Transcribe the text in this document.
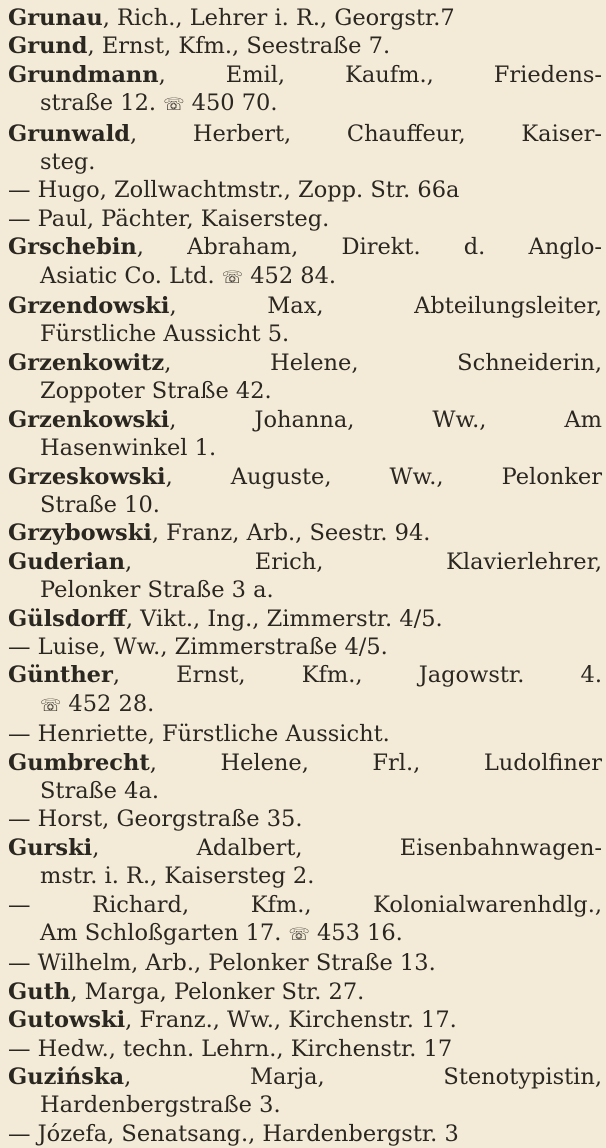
Grunau, Rich., Lehrer i. R., Georgstr.7
Grund, Ernst, Kfm., Seestraße 7.
Grundmann, Emil, Kaufm., Friedens-
straße 12. ☏ 450 70.
Grunwald, Herbert, Chauffeur, Kaiser-
steg.
— Hugo, Zollwachtmstr., Zopp. Str. 66a
— Paul, Pächter, Kaisersteg.
Grschebin, Abraham, Direkt. d. Anglo-
Asiatic Co. Ltd. ☏ 452 84.
Grzendowski, Max, Abteilungsleiter,
Fürstliche Aussicht 5.
Grzenkowitz, Helene, Schneiderin,
Zoppoter Straße 42.
Grzenkowski, Johanna, Ww., Am
Hasenwinkel 1.
Grzeskowski, Auguste, Ww., Pelonker
Straße 10.
Grzybowski, Franz, Arb., Seestr. 94.
Guderian, Erich, Klavierlehrer,
Pelonker Straße 3 a.
Gülsdorff, Vikt., Ing., Zimmerstr. 4/5.
— Luise, Ww., Zimmerstraße 4/5.
Günther, Ernst, Kfm., Jagowstr. 4.
☏ 452 28.
— Henriette, Fürstliche Aussicht.
Gumbrecht, Helene, Frl., Ludolfiner
Straße 4a.
— Horst, Georgstraße 35.
Gurski, Adalbert, Eisenbahnwagen-
mstr. i. R., Kaisersteg 2.
— Richard, Kfm., Kolonialwarenhdlg.,
Am Schloßgarten 17. ☏ 453 16.
— Wilhelm, Arb., Pelonker Straße 13.
Guth, Marga, Pelonker Str. 27.
Gutowski, Franz., Ww., Kirchenstr. 17.
— Hedw., techn. Lehrn., Kirchenstr. 17
Guzińska, Marja, Stenotypistin,
Hardenbergstraße 3.
— Józefa, Senatsang., Hardenbergstr. 3
